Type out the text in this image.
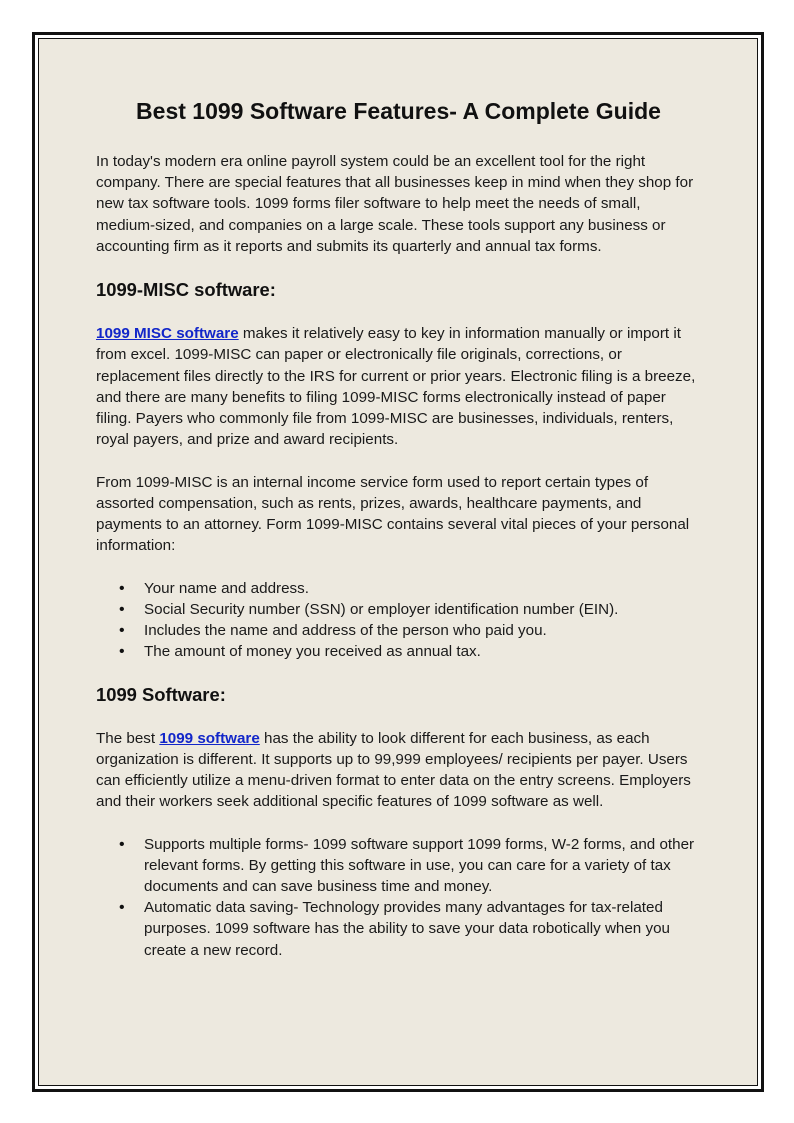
Best 1099 Software Features- A Complete Guide

In today's modern era online payroll system could be an excellent tool for the right company. There are special features that all businesses keep in mind when they shop for new tax software tools. 1099 forms filer software to help meet the needs of small, medium-sized, and companies on a large scale. These tools support any business or accounting firm as it reports and submits its quarterly and annual tax forms.

1099-MISC software:

1099 MISC software makes it relatively easy to key in information manually or import it from excel. 1099-MISC can paper or electronically file originals, corrections, or replacement files directly to the IRS for current or prior years. Electronic filing is a breeze, and there are many benefits to filing 1099-MISC forms electronically instead of paper filing. Payers who commonly file from 1099-MISC are businesses, individuals, renters, royal payers, and prize and award recipients.

From 1099-MISC is an internal income service form used to report certain types of assorted compensation, such as rents, prizes, awards, healthcare payments, and payments to an attorney. Form 1099-MISC contains several vital pieces of your personal information:

• Your name and address.
• Social Security number (SSN) or employer identification number (EIN).
• Includes the name and address of the person who paid you.
• The amount of money you received as annual tax.
1099 Software:

The best 1099 software has the ability to look different for each business, as each organization is different. It supports up to 99,999 employees/ recipients per payer. Users can efficiently utilize a menu-driven format to enter data on the entry screens. Employers and their workers seek additional specific features of 1099 software as well.

• Supports multiple forms- 1099 software support 1099 forms, W-2 forms, and other relevant forms. By getting this software in use, you can care for a variety of tax documents and can save business time and money.
• Automatic data saving- Technology provides many advantages for tax-related purposes. 1099 software has the ability to save your data robotically when you create a new record.
